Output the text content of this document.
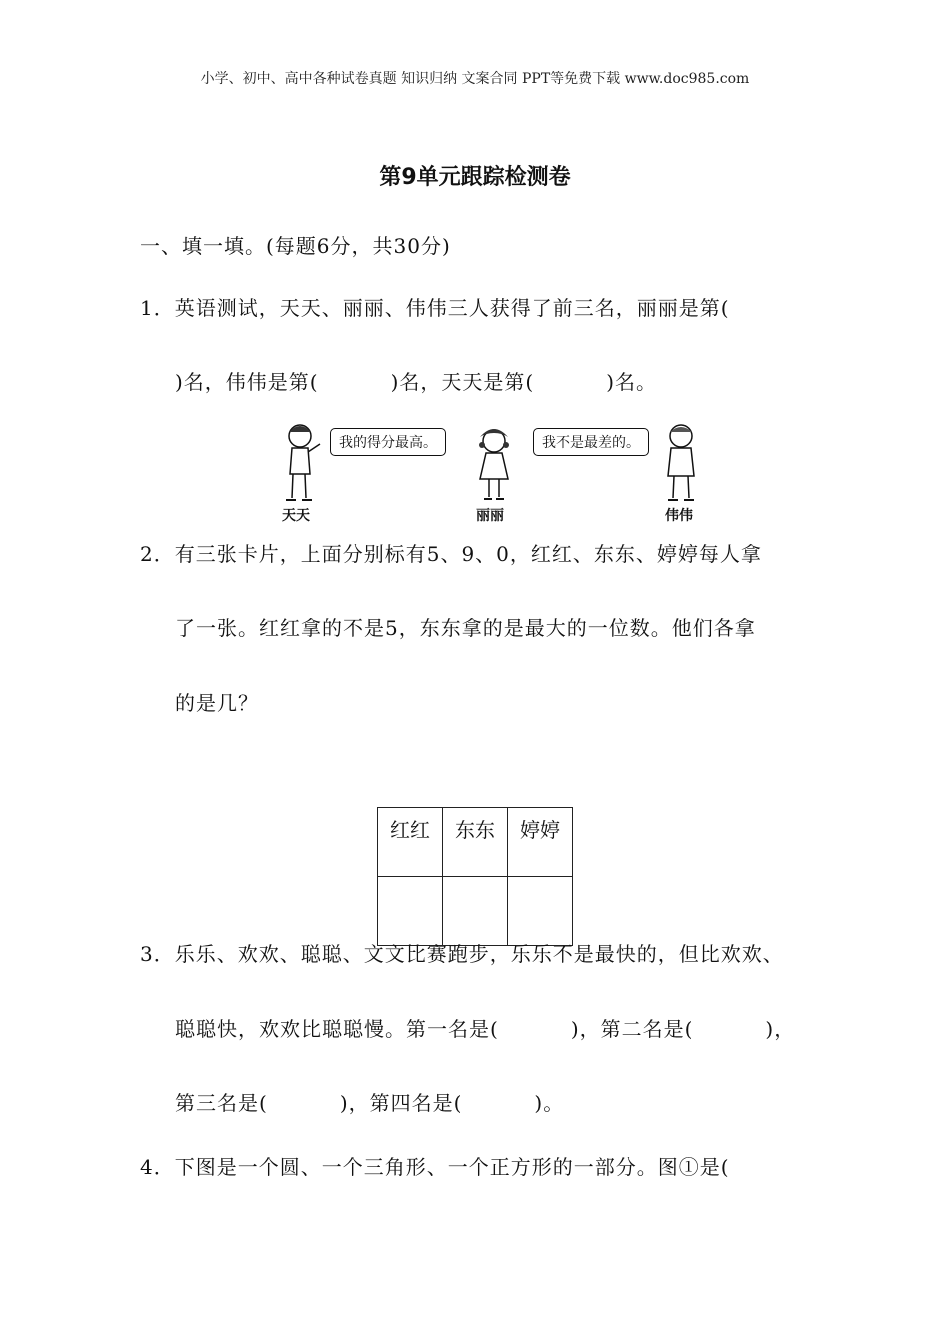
小学、初中、高中各种试卷真题 知识归纳 文案合同 PPT等免费下载 www.doc985.com
第9单元跟踪检测卷
一、填一填。(每题6分，共30分)
1．英语测试，天天、丽丽、伟伟三人获得了前三名，丽丽是第(
)名，伟伟是第(	)名，天天是第(	)名。
我的得分最高。
天天	丽丽
我不是最差的。
伟伟
2．有三张卡片，上面分别标有5、9、0，红红、东东、婷婷每人拿
了一张。红红拿的不是5，东东拿的是最大的一位数。他们各拿
的是几？
红红	东东	婷婷

3．乐乐、欢欢、聪聪、文文比赛跑步，乐乐不是最快的，但比欢欢、
聪聪快，欢欢比聪聪慢。第一名是(	)，第二名是(	)，
第三名是(	)，第四名是(	)。
4．下图是一个圆、一个三角形、一个正方形的一部分。图①是(
